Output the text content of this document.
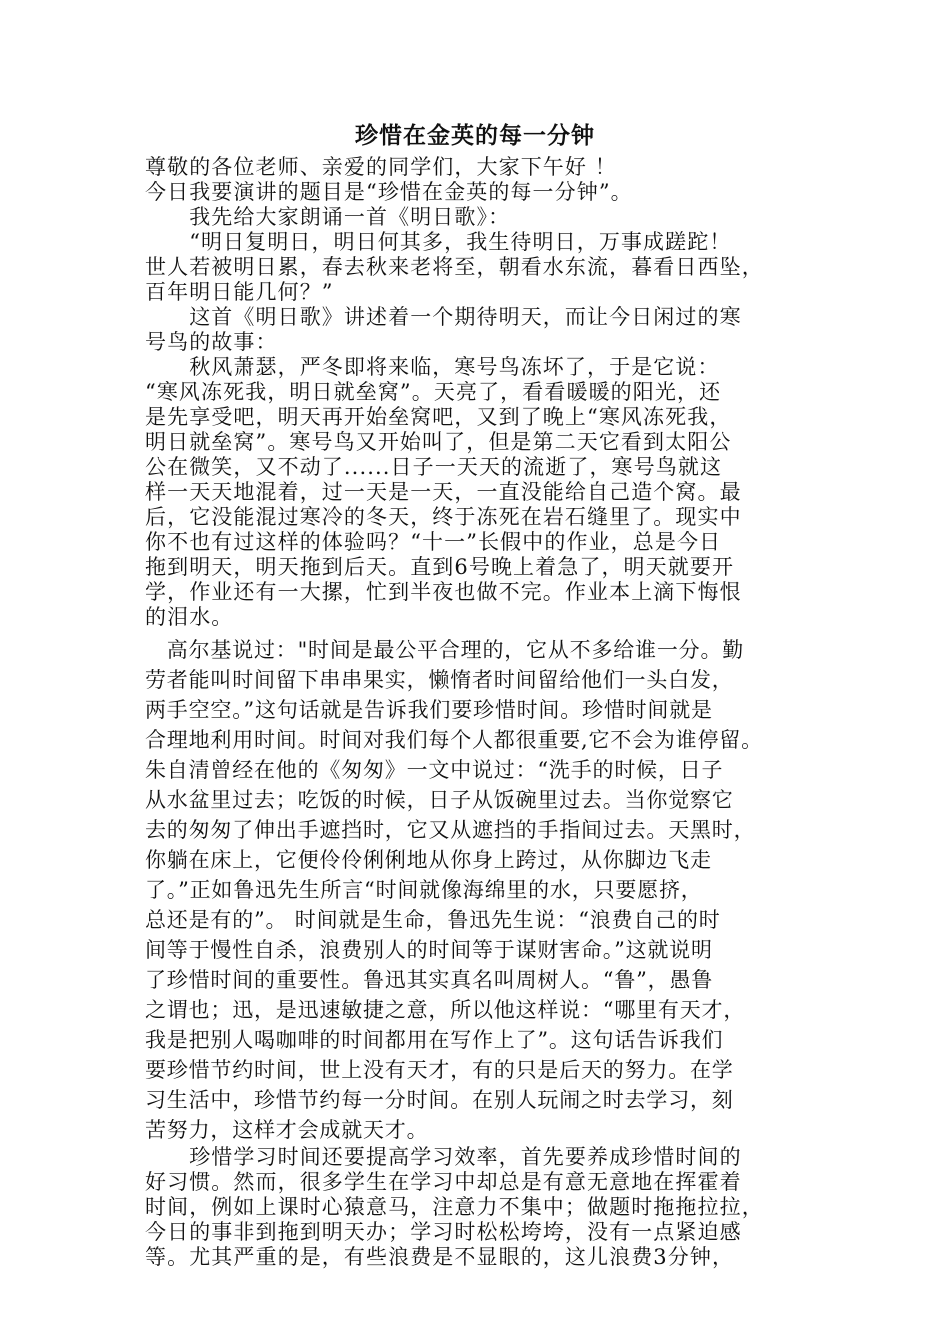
珍惜在金英的每一分钟

尊敬的各位老师、亲爱的同学们，大家下午好 ！

今日我要演讲的题目是“珍惜在金英的每一分钟”。

　　我先给大家朗诵一首《明日歌》：

　　“明日复明日，明日何其多，我生待明日，万事成蹉跎！

世人若被明日累，春去秋来老将至，朝看水东流，暮看日西坠，

百年明日能几何？”

　　这首《明日歌》讲述着一个期待明天，而让今日闲过的寒

号鸟的故事：

　　秋风萧瑟，严冬即将来临，寒号鸟冻坏了，于是它说：

“寒风冻死我，明日就垒窝”。天亮了，看看暖暖的阳光，还

是先享受吧，明天再开始垒窝吧，又到了晚上“寒风冻死我，

明日就垒窝”。寒号鸟又开始叫了，但是第二天它看到太阳公

公在微笑，又不动了......日子一天天的流逝了，寒号鸟就这

样一天天地混着，过一天是一天，一直没能给自己造个窝。最

后，它没能混过寒冷的冬天，终于冻死在岩石缝里了。现实中

你不也有过这样的体验吗？“十一”长假中的作业，总是今日

拖到明天，明天拖到后天。直到6号晚上着急了，明天就要开

学，作业还有一大摞，忙到半夜也做不完。作业本上滴下悔恨

的泪水。

　高尔基说过："时间是最公平合理的，它从不多给谁一分。勤

劳者能叫时间留下串串果实，懒惰者时间留给他们一头白发，

两手空空。”这句话就是告诉我们要珍惜时间。珍惜时间就是

合理地利用时间。时间对我们每个人都很重要,它不会为谁停留。

朱自清曾经在他的《匆匆》一文中说过：“洗手的时候，日子

从水盆里过去；吃饭的时候，日子从饭碗里过去。当你觉察它

去的匆匆了伸出手遮挡时，它又从遮挡的手指间过去。天黑时，

你躺在床上，它便伶伶俐俐地从你身上跨过，从你脚边飞走

了。”正如鲁迅先生所言“时间就像海绵里的水，只要愿挤，

总还是有的”。 时间就是生命，鲁迅先生说：“浪费自己的时

间等于慢性自杀，浪费别人的时间等于谋财害命。”这就说明

了珍惜时间的重要性。鲁迅其实真名叫周树人。“鲁”，愚鲁

之谓也；迅，是迅速敏捷之意，所以他这样说：“哪里有天才，

我是把别人喝咖啡的时间都用在写作上了”。这句话告诉我们

要珍惜节约时间，世上没有天才，有的只是后天的努力。在学

习生活中，珍惜节约每一分时间。在别人玩闹之时去学习，刻

苦努力，这样才会成就天才。

　　珍惜学习时间还要提高学习效率，首先要养成珍惜时间的

好习惯。然而，很多学生在学习中却总是有意无意地在挥霍着

时间，例如上课时心猿意马，注意力不集中；做题时拖拖拉拉，

今日的事非到拖到明天办；学习时松松垮垮，没有一点紧迫感

等。尤其严重的是，有些浪费是不显眼的，这儿浪费3分钟，
